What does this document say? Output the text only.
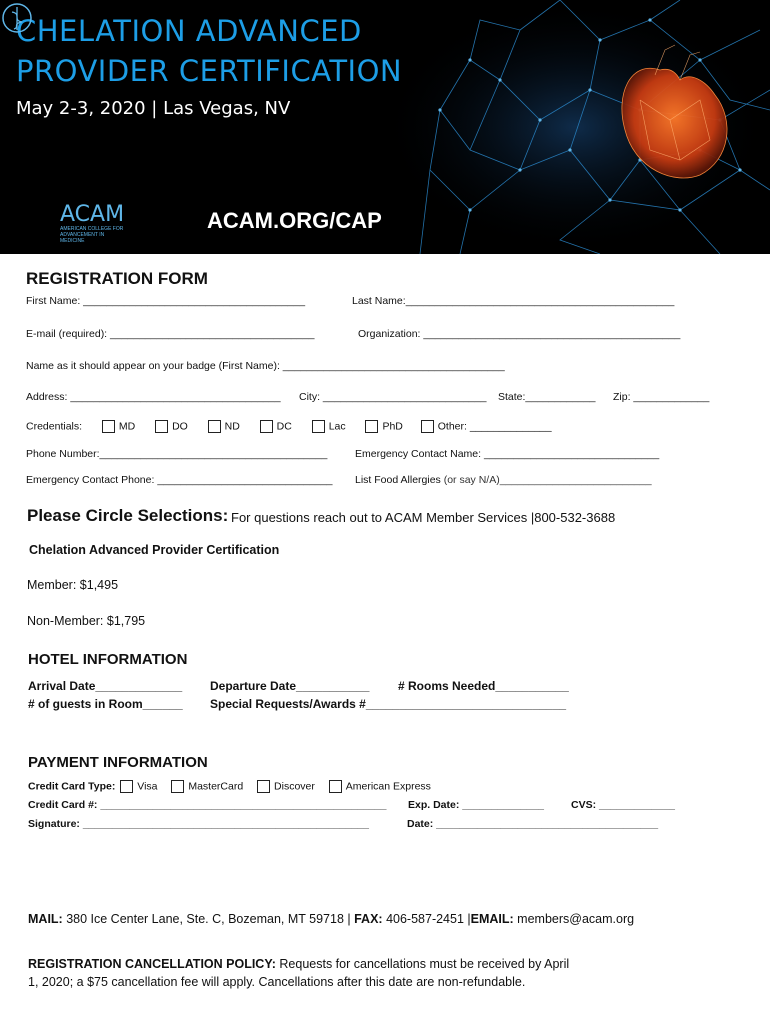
CHELATION ADVANCED
PROVIDER CERTIFICATION
May 2-3, 2020 | Las Vegas, NV
ACAM
AMERICAN COLLEGE FOR ADVANCEMENT IN MEDICINE
ACAM.ORG/CAP
REGISTRATION FORM
First Name: ______________________________________	Last Name:______________________________________________
E-mail (required): ___________________________________	Organization: ____________________________________________
Name as it should appear on your badge (First Name): ______________________________________
Address: ____________________________________ City: ____________________________ State:____________ Zip: _____________
Credentials:	MD	DO	ND	DC	Lac	PhD	Other: ______________
Phone Number:_______________________________________	Emergency Contact Name: ______________________________
Emergency Contact Phone: ______________________________ List Food Allergies (or say N/A)__________________________
Please Circle Selections: For questions reach out to ACAM Member Services |800-532-3688
Chelation Advanced Provider Certification
Member: $1,495
Non-Member: $1,795
HOTEL INFORMATION
Arrival Date_____________ Departure Date___________ # Rooms Needed___________
# of guests in Room______ Special Requests/Awards #______________________________
PAYMENT INFORMATION
Credit Card Type: Visa	MasterCard	Discover	American Express
Credit Card #: _________________________________________________ Exp. Date: ______________	CVS: _____________
Signature: _________________________________________________	Date: ______________________________________
MAIL: 380 Ice Center Lane, Ste. C, Bozeman, MT 59718 | FAX: 406-587-2451 |EMAIL: members@acam.org
REGISTRATION CANCELLATION POLICY: Requests for cancellations must be received by April
1, 2020; a $75 cancellation fee will apply. Cancellations after this date are non-refundable.
